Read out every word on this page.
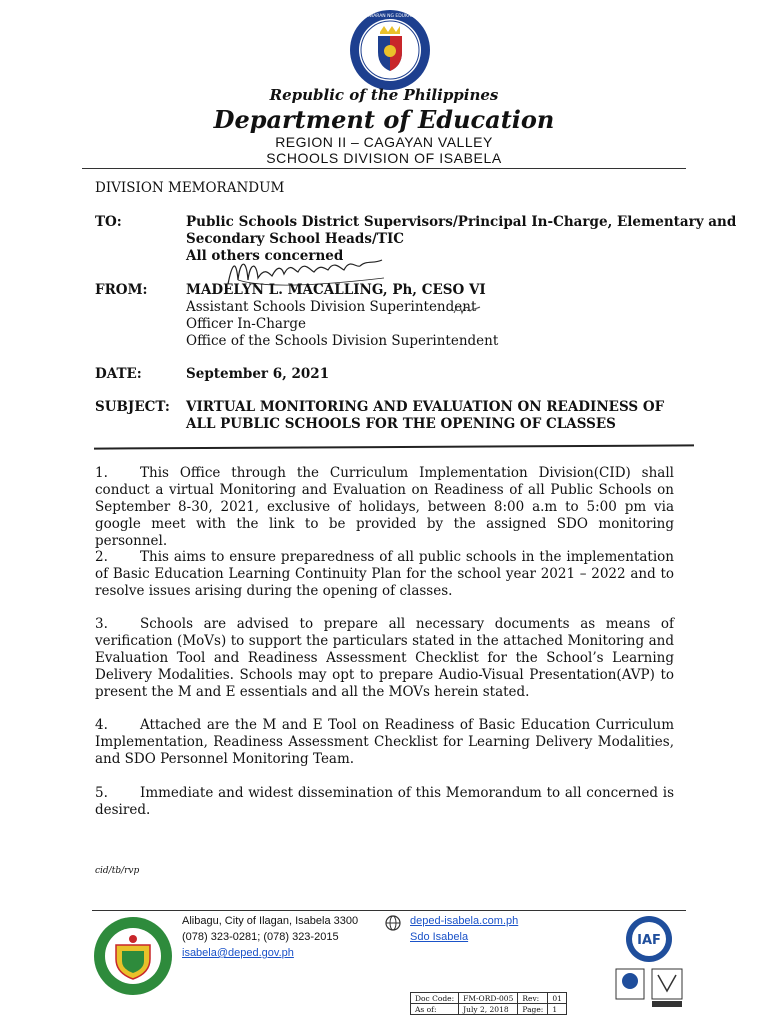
KAGAWARAN NG EDUKASYON
Republic of the Philippines
Department of Education
REGION II – CAGAYAN VALLEY
SCHOOLS DIVISION OF ISABELA
DIVISION MEMORANDUM
TO:	Public Schools District Supervisors/Principal In-Charge, Elementary and
Secondary School Heads/TIC
All others concerned
FROM:	MADELYN L. MACALLING, Ph, CESO VI
Assistant Schools Division Superintendent
Officer In-Charge
Office of the Schools Division Superintendent
DATE:	September 6, 2021
SUBJECT: VIRTUAL MONITORING AND EVALUATION ON READINESS OF
ALL PUBLIC SCHOOLS FOR THE OPENING OF CLASSES
1. This Office through the Curriculum Implementation Division(CID) shall conduct a virtual Monitoring and Evaluation on Readiness of all Public Schools on September 8-30, 2021, exclusive of holidays, between 8:00 a.m to 5:00 pm via google meet with the link to be provided by the assigned SDO monitoring personnel.
2. This aims to ensure preparedness of all public schools in the implementation of Basic Education Learning Continuity Plan for the school year 2021 – 2022 and to resolve issues arising during the opening of classes.
3. Schools are advised to prepare all necessary documents as means of verification (MoVs) to support the particulars stated in the attached Monitoring and Evaluation Tool and Readiness Assessment Checklist for the School’s Learning Delivery Modalities. Schools may opt to prepare Audio-Visual Presentation(AVP) to present the M and E essentials and all the MOVs herein stated.
4. Attached are the M and E Tool on Readiness of Basic Education Curriculum Implementation, Readiness Assessment Checklist for Learning Delivery Modalities, and SDO Personnel Monitoring Team.
5. Immediate and widest dissemination of this Memorandum to all concerned is desired.
cid/tb/rvp
Alibagu, City of Ilagan, Isabela 3300
(078) 323-0281; (078) 323-2015
isabela@deped.gov.ph
deped-isabela.com.ph
Sdo Isabela
Doc Code:	FM-ORD-005	Rev:	01
As of:	July 2, 2018	Page:	1
IAF
